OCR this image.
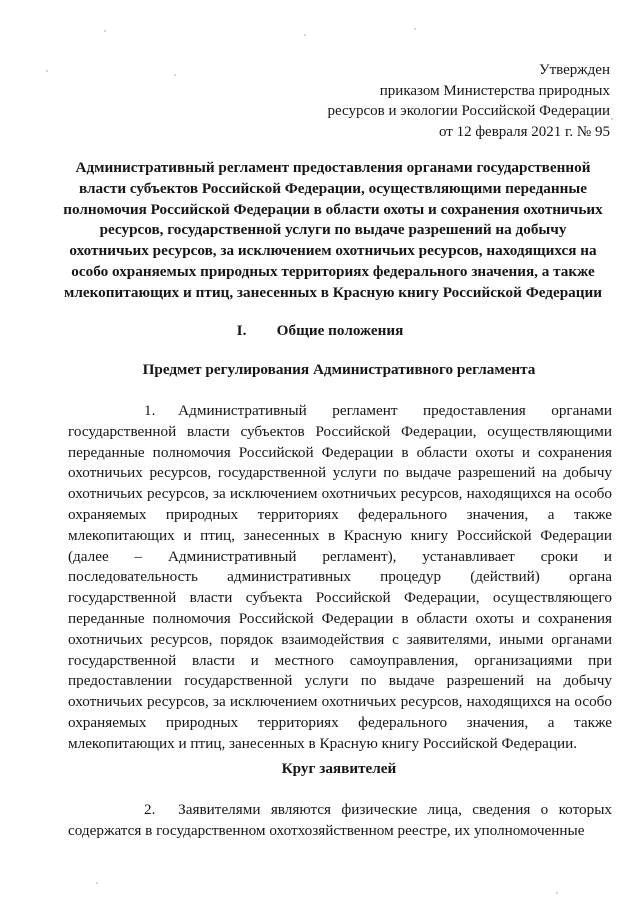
Утвержден
приказом Министерства природных
ресурсов и экологии Российской Федерации
от 12 февраля 2021 г. № 95
Административный регламент предоставления органами государственной
власти субъектов Российской Федерации, осуществляющими переданные
полномочия Российской Федерации в области охоты и сохранения охотничьих
ресурсов, государственной услуги по выдаче разрешений на добычу
охотничьих ресурсов, за исключением охотничьих ресурсов, находящихся на
особо охраняемых природных территориях федерального значения, а также
млекопитающих и птиц, занесенных в Красную книгу Российской Федерации
I. Общие положения
Предмет регулирования Административного регламента
1.   Административный регламент предоставления органами государственной власти субъектов Российской Федерации, осуществляющими переданные полномочия Российской Федерации в области охоты и сохранения охотничьих ресурсов, государственной услуги по выдаче разрешений на добычу охотничьих ресурсов, за исключением охотничьих ресурсов, находящихся на особо охраняемых природных территориях федерального значения, а также млекопитающих и птиц, занесенных в Красную книгу Российской Федерации (далее – Административный регламент), устанавливает сроки и последовательность административных процедур (действий) органа государственной власти субъекта Российской Федерации, осуществляющего переданные полномочия Российской Федерации в области охоты и сохранения охотничьих ресурсов, порядок взаимодействия с заявителями, иными органами государственной власти и местного самоуправления, организациями при предоставлении государственной услуги по выдаче разрешений на добычу охотничьих ресурсов, за исключением охотничьих ресурсов, находящихся на особо охраняемых природных территориях федерального значения, а также млекопитающих и птиц, занесенных в Красную книгу Российской Федерации.
Круг заявителей
2.   Заявителями являются физические лица, сведения о которых содержатся в государственном охотхозяйственном реестре, их уполномоченные
